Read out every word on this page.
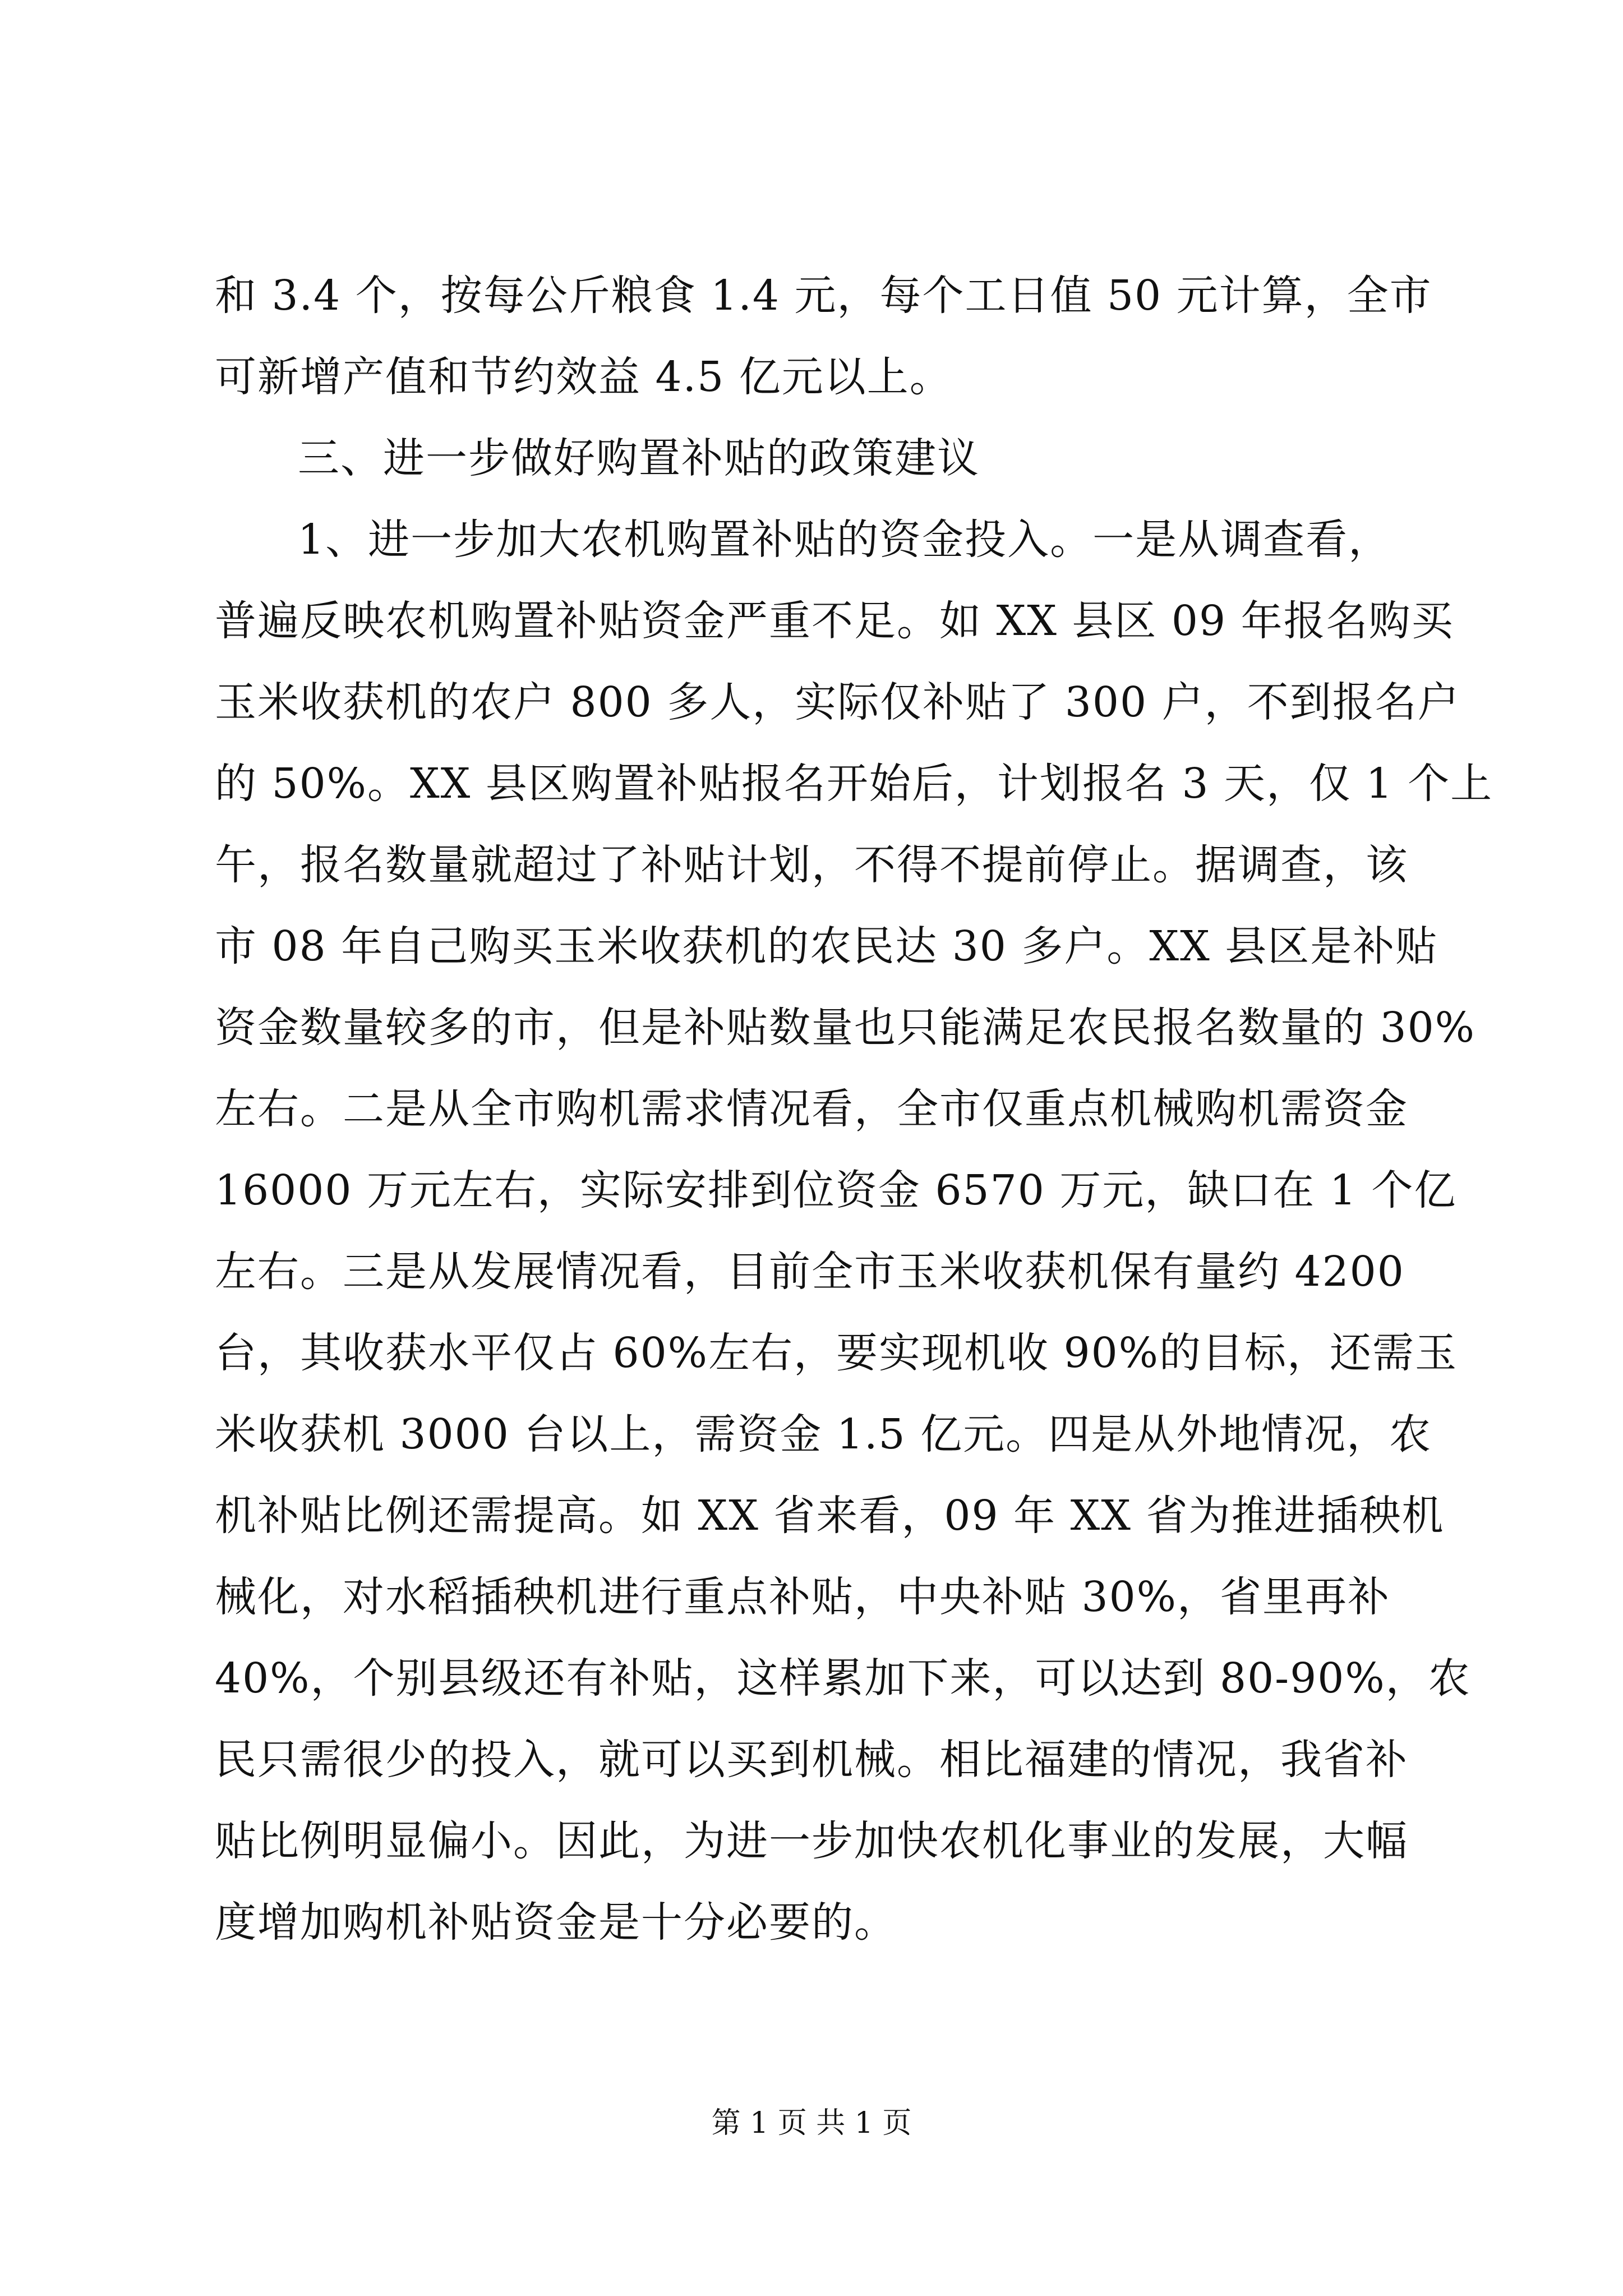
和 3.4 个，按每公斤粮食 1.4 元，每个工日值 50 元计算，全市
可新增产值和节约效益 4.5 亿元以上。
三、进一步做好购置补贴的政策建议
1、进一步加大农机购置补贴的资金投入。一是从调查看，
普遍反映农机购置补贴资金严重不足。如 XX 县区 09 年报名购买
玉米收获机的农户 800 多人，实际仅补贴了 300 户，不到报名户
的 50%。XX 县区购置补贴报名开始后，计划报名 3 天，仅 1 个上
午，报名数量就超过了补贴计划，不得不提前停止。据调查，该
市 08 年自己购买玉米收获机的农民达 30 多户。XX 县区是补贴
资金数量较多的市，但是补贴数量也只能满足农民报名数量的 30%
左右。二是从全市购机需求情况看，全市仅重点机械购机需资金
16000 万元左右，实际安排到位资金 6570 万元，缺口在 1 个亿
左右。三是从发展情况看，目前全市玉米收获机保有量约 4200
台，其收获水平仅占 60%左右，要实现机收 90%的目标，还需玉
米收获机 3000 台以上，需资金 1.5 亿元。四是从外地情况，农
机补贴比例还需提高。如 XX 省来看，09 年 XX 省为推进插秧机
械化，对水稻插秧机进行重点补贴，中央补贴 30%，省里再补
40%，个别县级还有补贴，这样累加下来，可以达到 80-90%，农
民只需很少的投入，就可以买到机械。相比福建的情况，我省补
贴比例明显偏小。因此，为进一步加快农机化事业的发展，大幅
度增加购机补贴资金是十分必要的。
第 1 页 共 1 页
